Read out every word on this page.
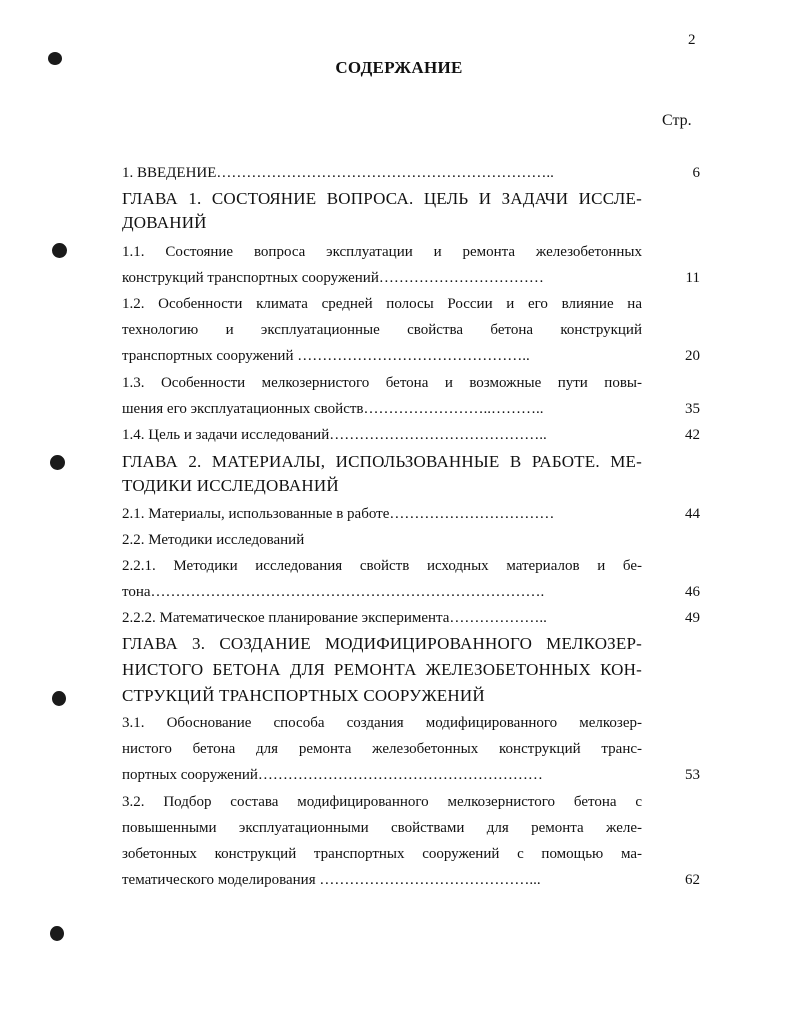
2
СОДЕРЖАНИЕ
Стр.
1. ВВЕДЕНИЕ…………………………………………………………..	6
ГЛАВА 1. СОСТОЯНИЕ ВОПРОСА. ЦЕЛЬ И ЗАДАЧИ ИССЛЕ-
ДОВАНИЙ
1.1. Состояние вопроса эксплуатации и ремонта железобетонных
конструкций транспортных сооружений……………………………	11
1.2. Особенности климата средней полосы России и его влияние на
технологию и эксплуатационные свойства бетона конструкций
транспортных сооружений ………………………………………..	20
1.3. Особенности мелкозернистого бетона и возможные пути повы-
шения его эксплуатационных свойств……………………..………..	35
1.4. Цель и задачи исследований……………………………………..	42
ГЛАВА 2. МАТЕРИАЛЫ, ИСПОЛЬЗОВАННЫЕ В РАБОТЕ. МЕ-
ТОДИКИ ИССЛЕДОВАНИЙ
2.1. Материалы, использованные в работе……………………………	44
2.2. Методики исследований
2.2.1. Методики исследования свойств исходных материалов и бе-
тона…………………………………………………………………….	46
2.2.2. Математическое планирование эксперимента………………..	49
ГЛАВА 3. СОЗДАНИЕ МОДИФИЦИРОВАННОГО МЕЛКОЗЕР-
НИСТОГО БЕТОНА ДЛЯ РЕМОНТА ЖЕЛЕЗОБЕТОННЫХ КОН-
СТРУКЦИЙ ТРАНСПОРТНЫХ СООРУЖЕНИЙ
3.1. Обоснование способа создания модифицированного мелкозер-
нистого бетона для ремонта железобетонных конструкций транс-
портных сооружений…………………………………………………	53
3.2. Подбор состава модифицированного мелкозернистого бетона с
повышенными эксплуатационными свойствами для ремонта желе-
зобетонных конструкций транспортных сооружений с помощью ма-
тематического моделирования ……………………………………...	62
